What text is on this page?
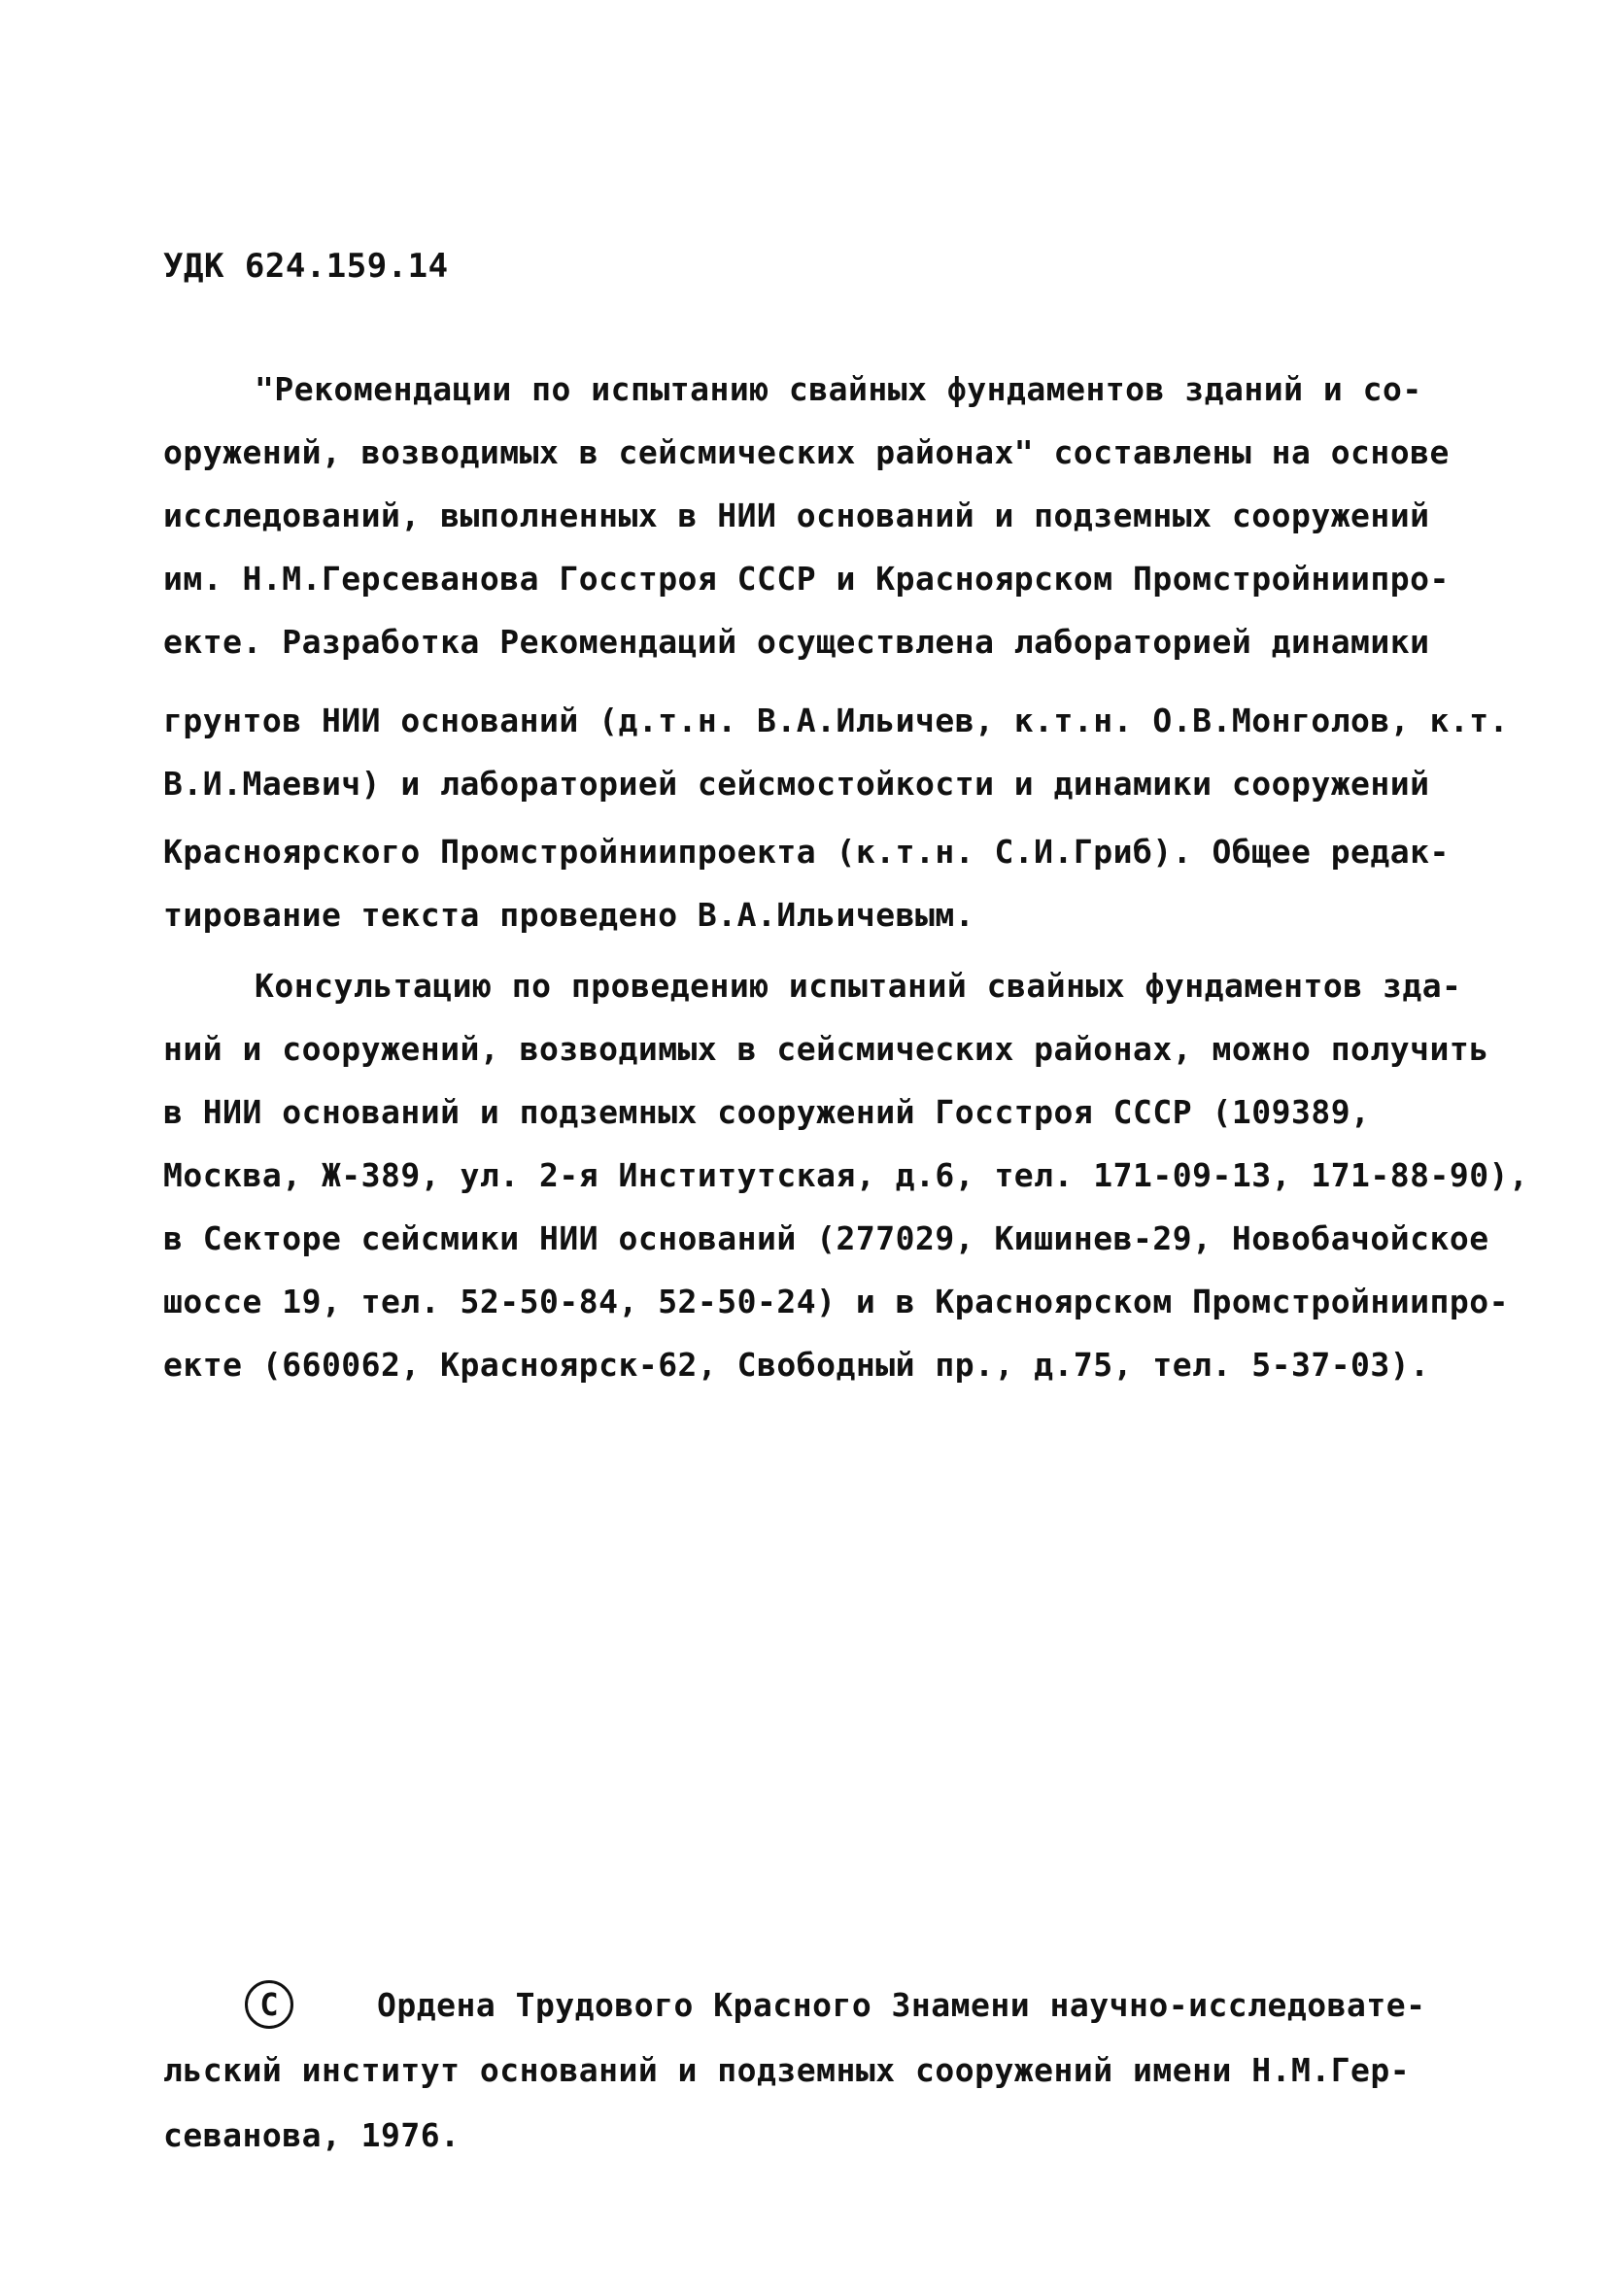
УДК 624.159.14
"Рекомендации по испытанию свайных фундаментов зданий и со-
оружений, возводимых в сейсмических районах" составлены на основе
исследований, выполненных в НИИ оснований и подземных сооружений
им. Н.М.Герсеванова Госстроя СССР и Красноярском Промстройниипро-
екте. Разработка Рекомендаций осуществлена лабораторией динамики
грунтов НИИ оснований (д.т.н. В.А.Ильичев, к.т.н. О.В.Монголов, к.т.
В.И.Маевич) и лабораторией сейсмостойкости и динамики сооружений
Красноярского Промстройниипроекта (к.т.н. С.И.Гриб). Общее редак-
тирование текста проведено В.А.Ильичевым.
Консультацию по проведению испытаний свайных фундаментов зда-
ний и сооружений, возводимых в сейсмических районах, можно получить
в НИИ оснований и подземных сооружений Госстроя СССР (109389,
Москва, Ж-389, ул. 2-я Институтская, д.6, тел. 171-09-13, 171-88-90),
в Секторе сейсмики НИИ оснований (277029, Кишинев-29, Новобачойское
шоссе 19, тел. 52-50-84, 52-50-24) и в Красноярском Промстройниипро-
екте (660062, Красноярск-62, Свободный пр., д.75, тел. 5-37-03).
С	Ордена Трудового Красного Знамени научно-исследовате-
льский институт оснований и подземных сооружений имени Н.М.Гер-
севанова, 1976.
